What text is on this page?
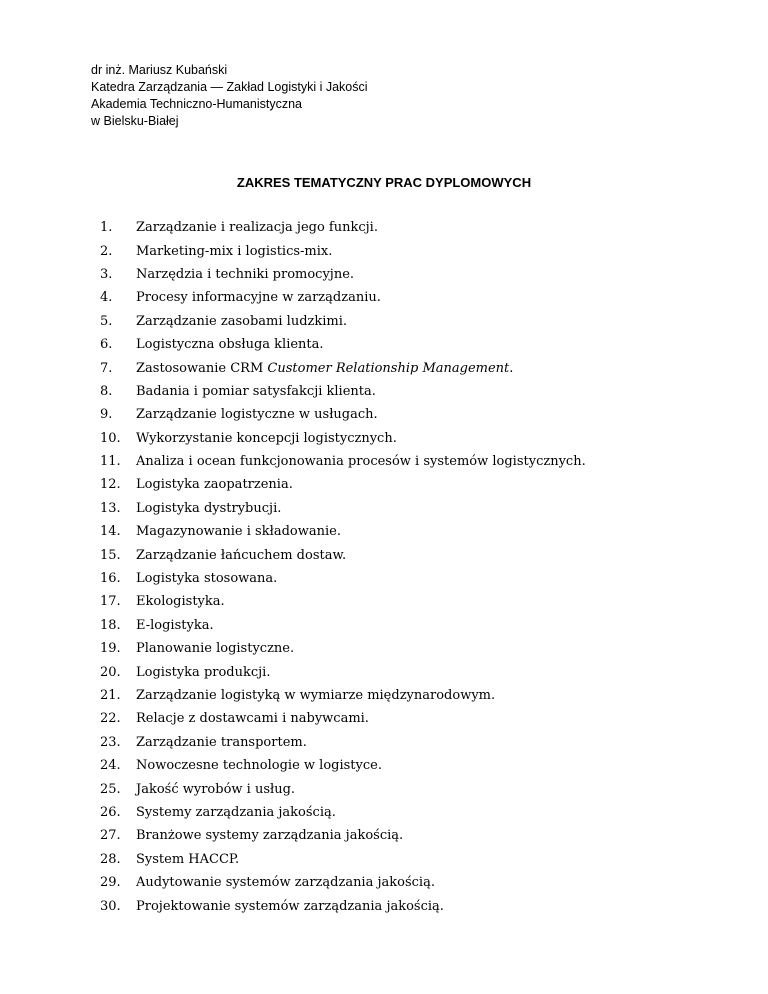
dr inż. Mariusz Kubański
Katedra Zarządzania — Zakład Logistyki i Jakości
Akademia Techniczno-Humanistyczna
w Bielsku-Białej
ZAKRES TEMATYCZNY PRAC DYPLOMOWYCH
1.	Zarządzanie i realizacja jego funkcji.
2.	Marketing-mix i logistics-mix.
3.	Narzędzia i techniki promocyjne.
4.	Procesy informacyjne w zarządzaniu.
5.	Zarządzanie zasobami ludzkimi.
6.	Logistyczna obsługa klienta.
7.	Zastosowanie CRM Customer Relationship Management.
8.	Badania i pomiar satysfakcji klienta.
9.	Zarządzanie logistyczne w usługach.
10.	Wykorzystanie koncepcji logistycznych.
11.	Analiza i ocean funkcjonowania procesów i systemów logistycznych.
12.	Logistyka zaopatrzenia.
13.	Logistyka dystrybucji.
14.	Magazynowanie i składowanie.
15.	Zarządzanie łańcuchem dostaw.
16.	Logistyka stosowana.
17.	Ekologistyka.
18.	E-logistyka.
19.	Planowanie logistyczne.
20.	Logistyka produkcji.
21.	Zarządzanie logistyką w wymiarze międzynarodowym.
22.	Relacje z dostawcami i nabywcami.
23.	Zarządzanie transportem.
24.	Nowoczesne technologie w logistyce.
25.	Jakość wyrobów i usług.
26.	Systemy zarządzania jakością.
27.	Branżowe systemy zarządzania jakością.
28.	System HACCP.
29.	Audytowanie systemów zarządzania jakością.
30.	Projektowanie systemów zarządzania jakością.
